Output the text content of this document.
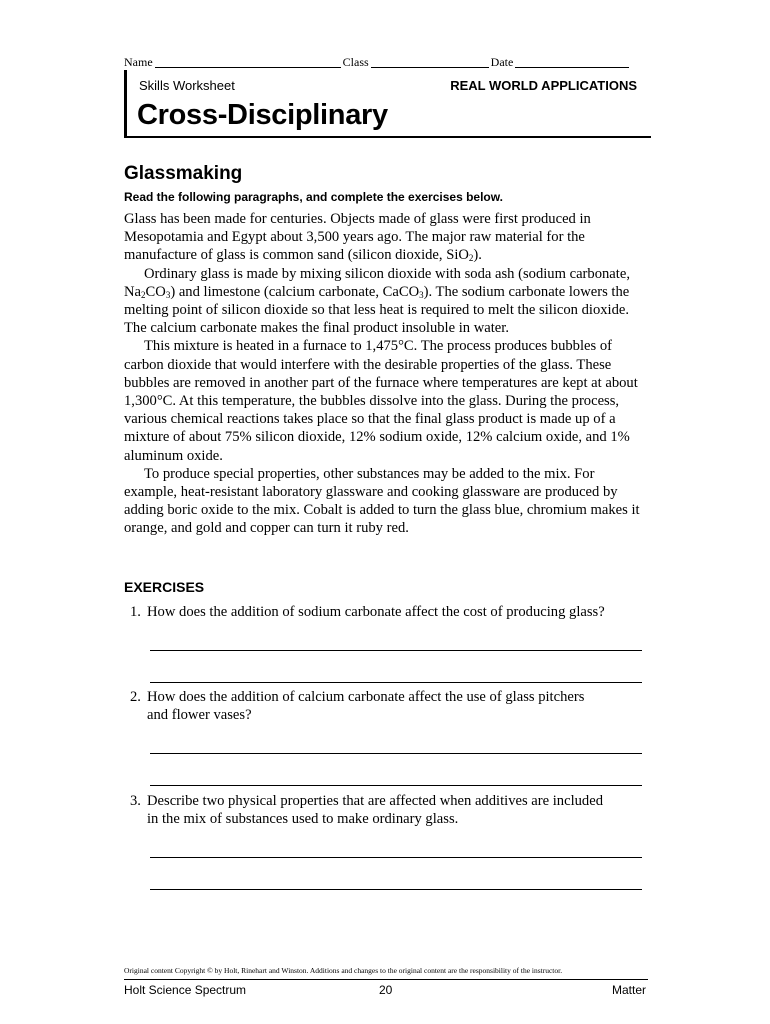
Name	Class	Date
Skills Worksheet	REAL WORLD APPLICATIONS
Cross-Disciplinary
Glassmaking
Read the following paragraphs, and complete the exercises below.

Glass has been made for centuries. Objects made of glass were first produced in Mesopotamia and Egypt about 3,500 years ago. The major raw material for the manufacture of glass is common sand (silicon dioxide, SiO$_2$).

Ordinary glass is made by mixing silicon dioxide with soda ash (sodium carbonate, $Na_2CO_3$) and limestone (calcium carbonate, CaCO$_3$). The sodium carbonate lowers the melting point of silicon dioxide so that less heat is required to melt the silicon dioxide. The calcium carbonate makes the final product insoluble in water.

This mixture is heated in a furnace to 1,475°C. The process produces bubbles of carbon dioxide that would interfere with the desirable properties of the glass. These bubbles are removed in another part of the furnace where temperatures are kept at about 1,300°C. At this temperature, the bubbles dissolve into the glass. During the process, various chemical reactions takes place so that the final glass product is made up of a mixture of about 75% silicon dioxide, 12% sodium oxide, 12% calcium oxide, and 1% aluminum oxide.

To produce special properties, other substances may be added to the mix. For example, heat-resistant laboratory glassware and cooking glassware are produced by adding boric oxide to the mix. Cobalt is added to turn the glass blue, chromium makes it orange, and gold and copper can turn it ruby red.

EXERCISES
1. How does the addition of sodium carbonate affect the cost of producing glass?
2. How does the addition of calcium carbonate affect the use of glass pitchers
and flower vases?
3. Describe two physical properties that are affected when additives are included
in the mix of substances used to make ordinary glass.
Original content Copyright © by Holt, Rinehart and Winston. Additions and changes to the original content are the responsibility of the instructor.
Holt Science Spectrum	20	Matter
